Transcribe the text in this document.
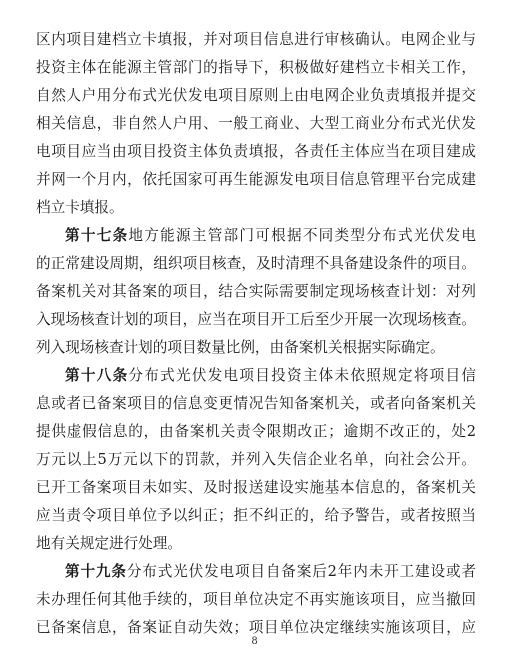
区内项目建档立卡填报，并对项目信息进行审核确认。电网企业与
投资主体在能源主管部门的指导下，积极做好建档立卡相关工作，
自然人户用分布式光伏发电项目原则上由电网企业负责填报并提交
相关信息，非自然人户用、一般工商业、大型工商业分布式光伏发
电项目应当由项目投资主体负责填报，各责任主体应当在项目建成
并网一个月内，依托国家可再生能源发电项目信息管理平台完成建
档立卡填报。
第十七条地方能源主管部门可根据不同类型分布式光伏发电
的正常建设周期，组织项目核查，及时清理不具备建设条件的项目。
备案机关对其备案的项目，结合实际需要制定现场核查计划：对列
入现场核查计划的项目，应当在项目开工后至少开展一次现场核查。
列入现场核查计划的项目数量比例，由备案机关根据实际确定。
第十八条分布式光伏发电项目投资主体未依照规定将项目信
息或者已备案项目的信息变更情况告知备案机关，或者向备案机关
提供虚假信息的，由备案机关责令限期改正；逾期不改正的，处2
万元以上5万元以下的罚款，并列入失信企业名单，向社会公开。
已开工备案项目未如实、及时报送建设实施基本信息的，备案机关
应当责令项目单位予以纠正；拒不纠正的，给予警告，或者按照当
地有关规定进行处理。
第十九条分布式光伏发电项目自备案后2年内未开工建设或者
未办理任何其他手续的，项目单位决定不再实施该项目，应当撤回
已备案信息，备案证自动失效；项目单位决定继续实施该项目，应
8
